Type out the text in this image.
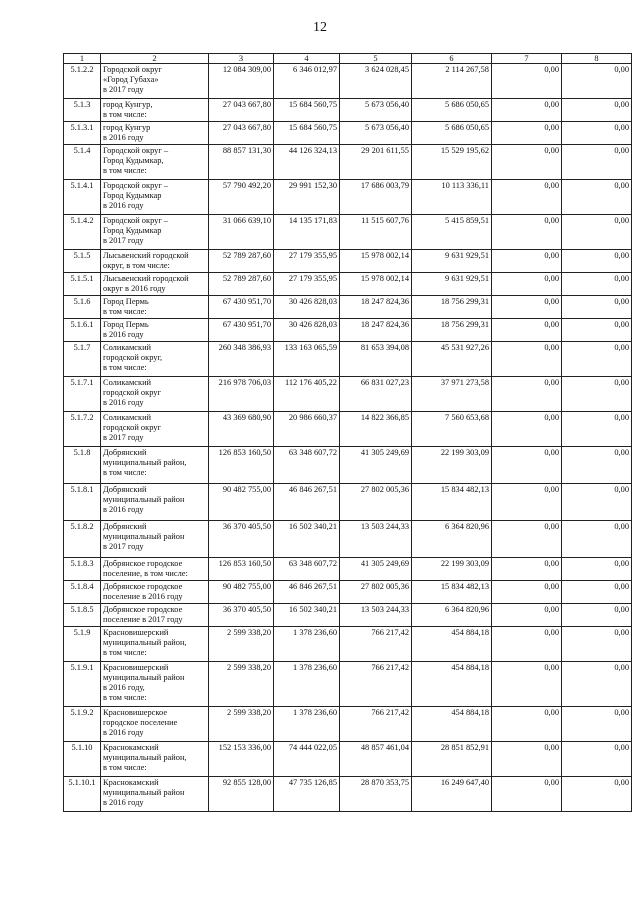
12
1	2	3	4	5	6	7	8
5.1.2.2	Городской округ
«Город Губаха»
в 2017 году	12 084 309,00	6 346 012,97	3 624 028,45	2 114 267,58	0,00	0,00
5.1.3	город Кунгур,
в том числе:	27 043 667,80	15 684 560,75	5 673 056,40	5 686 050,65	0,00	0,00
5.1.3.1	город Кунгур
в 2016 году	27 043 667,80	15 684 560,75	5 673 056,40	5 686 050,65	0,00	0,00
5.1.4	Городской округ –
Город Кудымкар,
в том числе:	88 857 131,30	44 126 324,13	29 201 611,55	15 529 195,62	0,00	0,00
5.1.4.1	Городской округ –
Город Кудымкар
в 2016 году	57 790 492,20	29 991 152,30	17 686 003,79	10 113 336,11	0,00	0,00
5.1.4.2	Городской округ –
Город Кудымкар
в 2017 году	31 066 639,10	14 135 171,83	11 515 607,76	5 415 859,51	0,00	0,00
5.1.5	Лысьвенский городской
округ, в том числе:	52 789 287,60	27 179 355,95	15 978 002,14	9 631 929,51	0,00	0,00
5.1.5.1	Лысьвенский городской
округ в 2016 году	52 789 287,60	27 179 355,95	15 978 002,14	9 631 929,51	0,00	0,00
5.1.6	Город Пермь
в том числе:	67 430 951,70	30 426 828,03	18 247 824,36	18 756 299,31	0,00	0,00
5.1.6.1	Город Пермь
в 2016 году	67 430 951,70	30 426 828,03	18 247 824,36	18 756 299,31	0,00	0,00
5.1.7	Соликамский
городской округ,
в том числе:	260 348 386,93	133 163 065,59	81 653 394,08	45 531 927,26	0,00	0,00
5.1.7.1	Соликамский
городской округ
в 2016 году	216 978 706,03	112 176 405,22	66 831 027,23	37 971 273,58	0,00	0,00
5.1.7.2	Соликамский
городской округ
в 2017 году	43 369 680,90	20 986 660,37	14 822 366,85	7 560 653,68	0,00	0,00
5.1.8	Добрянский
муниципальный район,
в том числе:	126 853 160,50	63 348 607,72	41 305 249,69	22 199 303,09	0,00	0,00
5.1.8.1	Добрянский
муниципальный район
в 2016 году	90 482 755,00	46 846 267,51	27 802 005,36	15 834 482,13	0,00	0,00
5.1.8.2	Добрянский
муниципальный район
в 2017 году	36 370 405,50	16 502 340,21	13 503 244,33	6 364 820,96	0,00	0,00
5.1.8.3	Добрянское городское
поселение, в том числе:	126 853 160,50	63 348 607,72	41 305 249,69	22 199 303,09	0,00	0,00
5.1.8.4	Добрянское городское
поселение в 2016 году	90 482 755,00	46 846 267,51	27 802 005,36	15 834 482,13	0,00	0,00
5.1.8.5	Добрянское городское
поселение в 2017 году	36 370 405,50	16 502 340,21	13 503 244,33	6 364 820,96	0,00	0,00
5.1.9	Красновишерский
муниципальный район,
в том числе:	2 599 338,20	1 378 236,60	766 217,42	454 884,18	0,00	0,00
5.1.9.1	Красновишерский
муниципальный район
в 2016 году,
в том числе:	2 599 338,20	1 378 236,60	766 217,42	454 884,18	0,00	0,00
5.1.9.2	Красновишерское
городское поселение
в 2016 году	2 599 338,20	1 378 236,60	766 217,42	454 884,18	0,00	0,00
5.1.10	Краснокамский
муниципальный район,
в том числе:	152 153 336,00	74 444 022,05	48 857 461,04	28 851 852,91	0,00	0,00
5.1.10.1	Краснокамский
муниципальный район
в 2016 году	92 855 128,00	47 735 126,85	28 870 353,75	16 249 647,40	0,00	0,00
